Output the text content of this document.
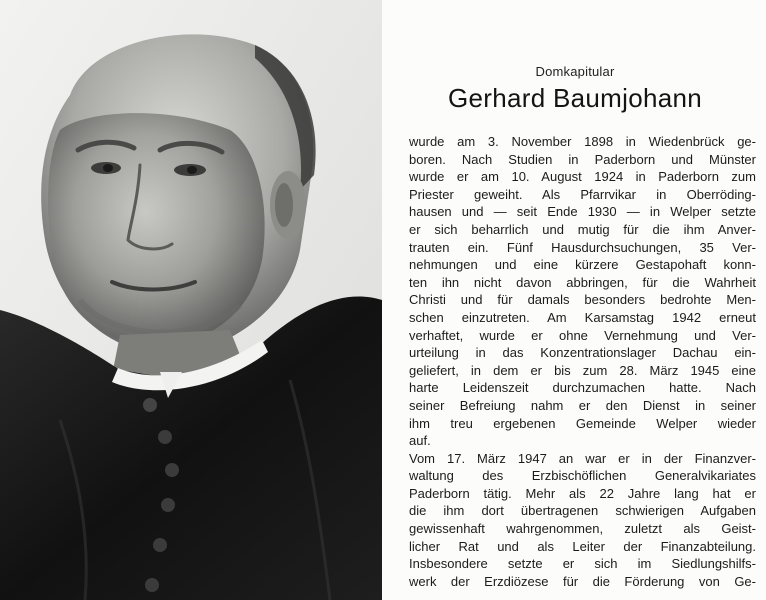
Domkapitular
Gerhard Baumjohann
wurde am 3. November 1898 in Wiedenbrück ge-
boren. Nach Studien in Paderborn und Münster
wurde er am 10. August 1924 in Paderborn zum
Priester geweiht. Als Pfarrvikar in Oberröding-
hausen und — seit Ende 1930 — in Welper setzte
er sich beharrlich und mutig für die ihm Anver-
trauten ein. Fünf Hausdurchsuchungen, 35 Ver-
nehmungen und eine kürzere Gestapohaft konn-
ten ihn nicht davon abbringen, für die Wahrheit
Christi und für damals besonders bedrohte Men-
schen einzutreten. Am Karsamstag 1942 erneut
verhaftet, wurde er ohne Vernehmung und Ver-
urteilung in das Konzentrationslager Dachau ein-
geliefert, in dem er bis zum 28. März 1945 eine
harte Leidenszeit durchzumachen hatte. Nach
seiner Befreiung nahm er den Dienst in seiner
ihm treu ergebenen Gemeinde Welper wieder
auf.
Vom 17. März 1947 an war er in der Finanzver-
waltung des Erzbischöflichen Generalvikariates
Paderborn tätig. Mehr als 22 Jahre lang hat er
die ihm dort übertragenen schwierigen Aufgaben
gewissenhaft wahrgenommen, zuletzt als Geist-
licher Rat und als Leiter der Finanzabteilung.
Insbesondere setzte er sich im Siedlungshilfs-
werk der Erzdiözese für die Förderung von Ge-
